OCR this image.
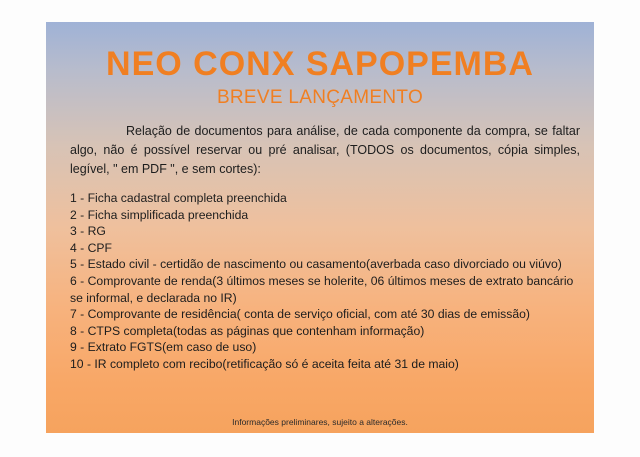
NEO CONX SAPOPEMBA
BREVE LANÇAMENTO

Relação de documentos para análise, de cada componente da compra, se faltar algo, não é possível reservar ou pré analisar, (TODOS os documentos, cópia simples, legível, " em PDF ", e sem cortes):

1 - Ficha cadastral completa preenchida
2 - Ficha simplificada preenchida
3 - RG
4 - CPF
5 - Estado civil - certidão de nascimento ou casamento(averbada caso divorciado ou viúvo)
6 - Comprovante de renda(3 últimos meses se holerite, 06 últimos meses de extrato bancário se informal, e declarada no IR)
7 - Comprovante de residência( conta de serviço oficial, com até 30 dias de emissão)
8 - CTPS completa(todas as páginas que contenham informação)
9 - Extrato FGTS(em caso de uso)
10 - IR completo com recibo(retificação só é aceita feita até 31 de maio)
Informações preliminares, sujeito a alterações.
